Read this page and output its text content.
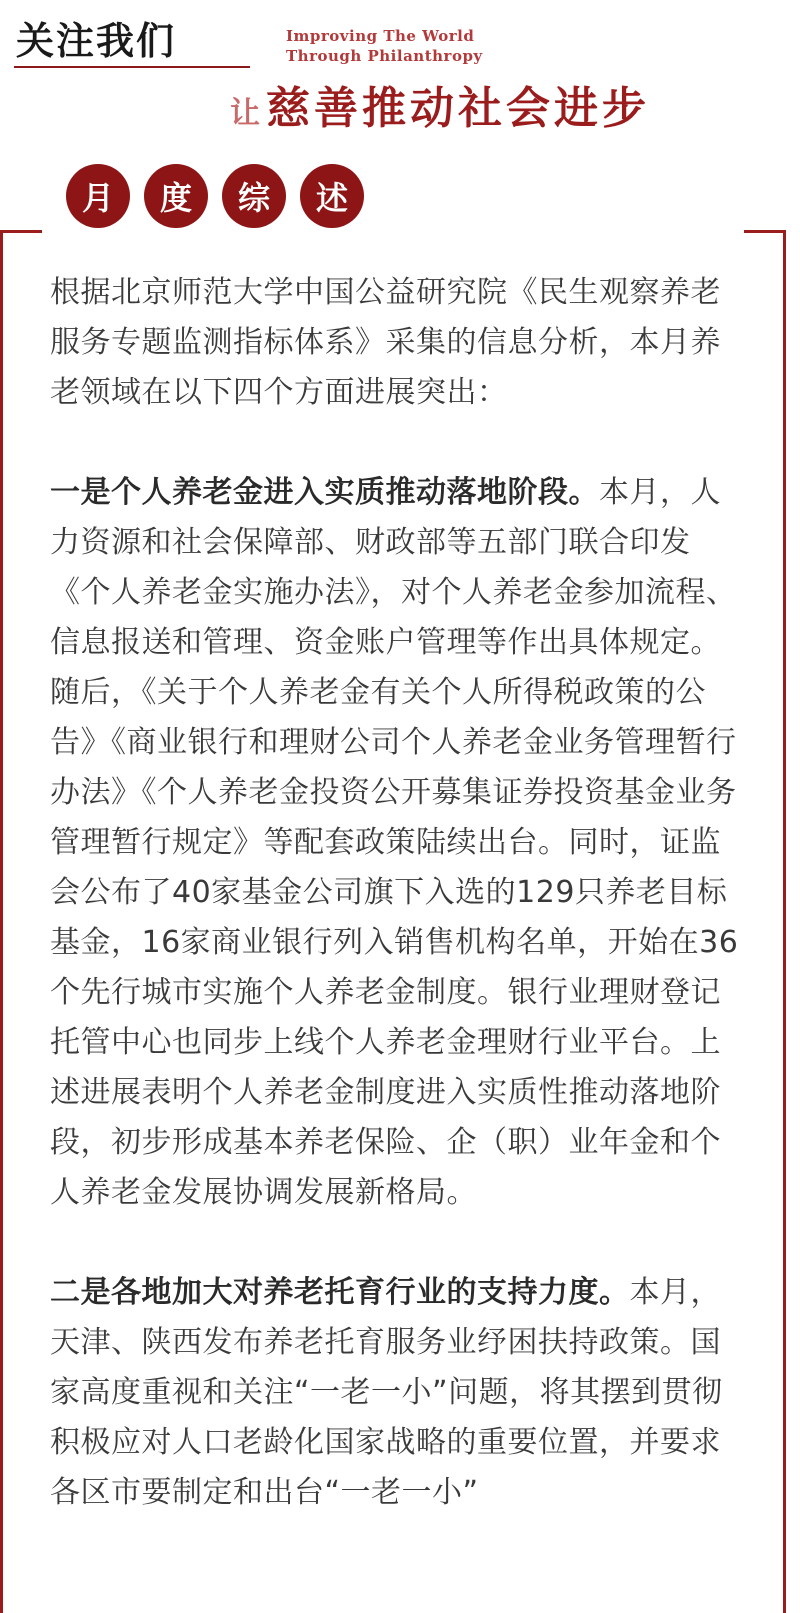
关注我们	Improving The World
Through Philanthropy
让 慈善推动社会进步
月	度	综	述

根据北京师范大学中国公益研究院《民生观察养老服务专题监测指标体系》采集的信息分析，本月养老领域在以下四个方面进展突出：

一是个人养老金进入实质推动落地阶段。本月，人力资源和社会保障部、财政部等五部门联合印发《个人养老金实施办法》，对个人养老金参加流程、信息报送和管理、资金账户管理等作出具体规定。随后，《关于个人养老金有关个人所得税政策的公告》《商业银行和理财公司个人养老金业务管理暂行办法》《个人养老金投资公开募集证券投资基金业务管理暂行规定》等配套政策陆续出台。同时，证监会公布了40家基金公司旗下入选的129只养老目标基金，16家商业银行列入销售机构名单，开始在36个先行城市实施个人养老金制度。银行业理财登记托管中心也同步上线个人养老金理财行业平台。上述进展表明个人养老金制度进入实质性推动落地阶段，初步形成基本养老保险、企（职）业年金和个人养老金发展协调发展新格局。

二是各地加大对养老托育行业的支持力度。本月，天津、陕西发布养老托育服务业纾困扶持政策。国家高度重视和关注“一老一小”问题，将其摆到贯彻积极应对人口老龄化国家战略的重要位置，并要求各区市要制定和出台“一老一小”
